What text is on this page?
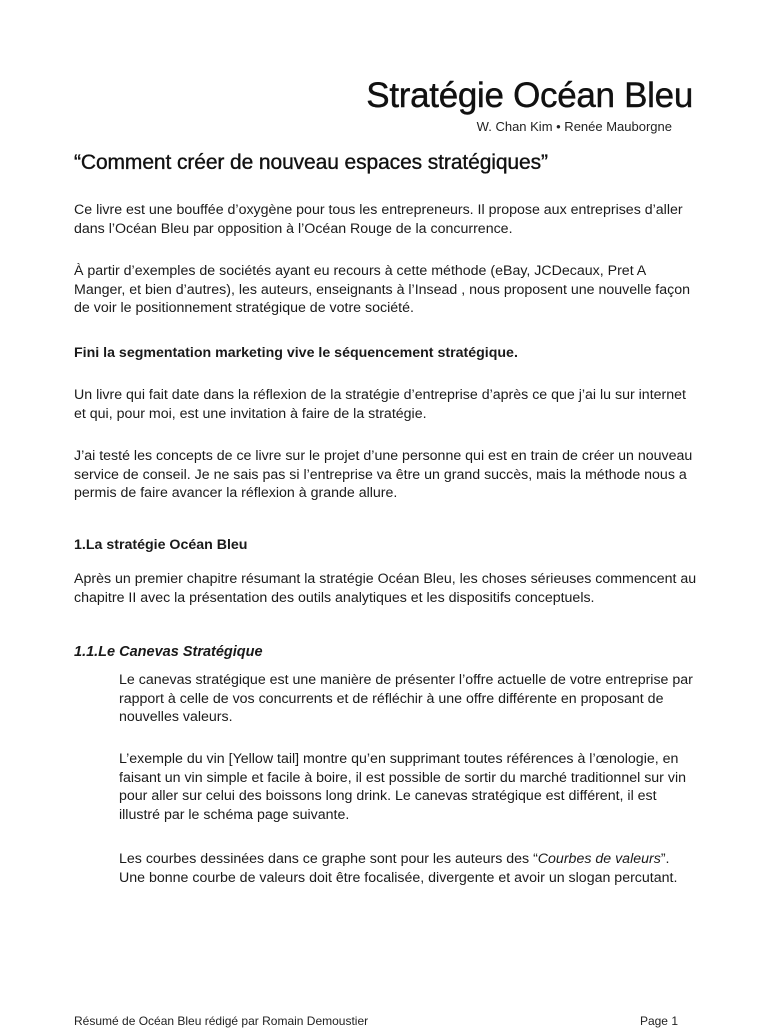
Stratégie Océan Bleu

W. Chan Kim • Renée Mauborgne

“Comment créer de nouveau espaces stratégiques”

Ce livre est une bouffée d’oxygène pour tous les entrepreneurs. Il propose aux entreprises d’aller dans l’Océan Bleu par opposition à l’Océan Rouge de la concurrence.

À partir d’exemples de sociétés ayant eu recours à cette méthode (eBay, JCDecaux, Pret A Manger, et bien d’autres), les auteurs, enseignants à l’Insead , nous proposent une nouvelle façon de voir le positionnement stratégique de votre société.

Fini la segmentation marketing vive le séquencement stratégique.

Un livre qui fait date dans la réflexion de la stratégie d’entreprise d’après ce que j’ai lu sur internet et qui, pour moi, est une invitation à faire de la stratégie.

J’ai testé les concepts de ce livre sur le projet d’une personne qui est en train de créer un nouveau service de conseil. Je ne sais pas si l’entreprise va être un grand succès, mais la méthode nous a permis de faire avancer la réflexion à grande allure.

1.La stratégie Océan Bleu

Après un premier chapitre résumant la stratégie Océan Bleu, les choses sérieuses commencent au chapitre II avec la présentation des outils analytiques et les dispositifs conceptuels.

1.1.Le Canevas Stratégique

Le canevas stratégique est une manière de présenter l’offre actuelle de votre entreprise par rapport à celle de vos concurrents et de réfléchir à une offre différente en proposant de nouvelles valeurs.

L’exemple du vin [Yellow tail] montre qu’en supprimant toutes références à l’œnologie, en faisant un vin simple et facile à boire, il est possible de sortir du marché traditionnel sur vin pour aller sur celui des boissons long drink. Le canevas stratégique est différent, il est illustré par le schéma page suivante.

Les courbes dessinées dans ce graphe sont pour les auteurs des “Courbes de valeurs”. Une bonne courbe de valeurs doit être focalisée, divergente et avoir un slogan percutant.

Résumé de Océan Bleu rédigé par Romain Demoustier	Page 1
